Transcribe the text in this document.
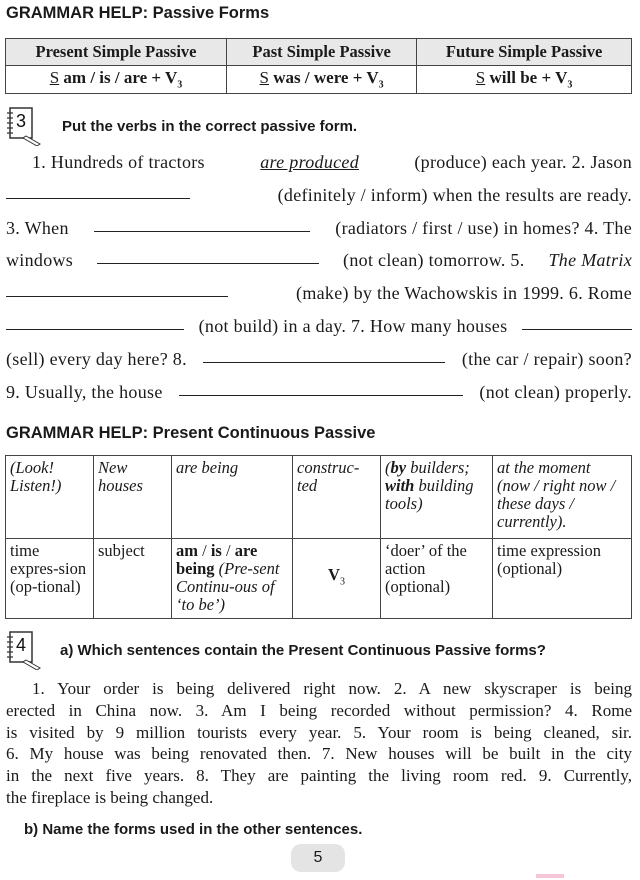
GRAMMAR HELP: Passive Forms
Present Simple Passive	Past Simple Passive	Future Simple Passive
S am / is / are + $V_3$	S was / were + $V_3$	S will be + $V_3$
3 Put the verbs in the correct passive form.
1. Hundreds of tractors	are produced	(produce) each year. 2. Jason
(definitely / inform) when the results are ready.
3. When	(radiators / first / use) in homes? 4. The
windows	(not clean) tomorrow. 5. The Matrix
(make) by the Wachowskis in 1999. 6. Rome
(not build) in a day. 7. How many houses
(sell) every day here? 8.	(the car / repair) soon?
9. Usually, the house	(not clean) properly.
GRAMMAR HELP: Present Continuous Passive
(Look! Listen!)	New houses	are being	construc-ted	(by builders; with building tools)	at the moment (now / right now / these days / currently).
time expres-sion (op-tional)	subject	am / is / are being (Pre-sent Continu-ous of ‘to be’)	$V_3$	‘doer’ of the action (optional)	time expression (optional)
4 a) Which sentences contain the Present Continuous Passive forms?
1. Your order is being delivered right now. 2. A new skyscraper is being
erected in China now. 3. Am I being recorded without permission? 4. Rome
is visited by 9 million tourists every year. 5. Your room is being cleaned, sir.
6. My house was being renovated then. 7. New houses will be built in the city
in the next five years. 8. They are painting the living room red. 9. Currently,
the fireplace is being changed.
b) Name the forms used in the other sentences.
5
